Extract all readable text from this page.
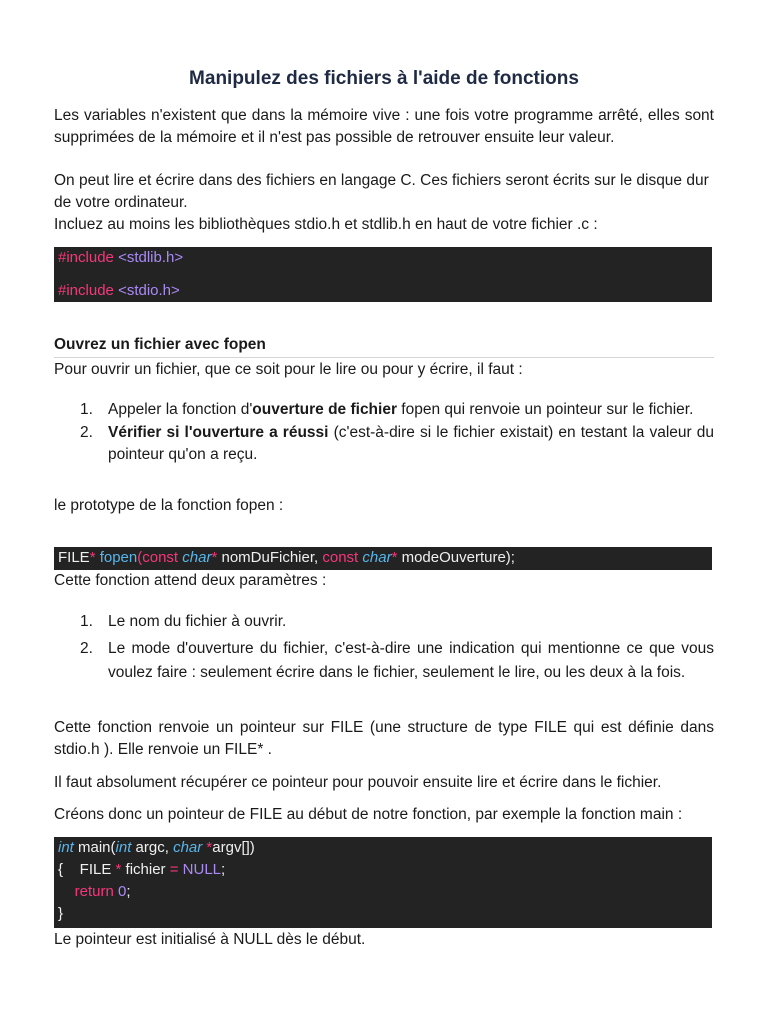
Manipulez des fichiers à l'aide de fonctions
Les variables n'existent que dans la mémoire vive : une fois votre programme arrêté, elles sont supprimées de la mémoire et il n'est pas possible de retrouver ensuite leur valeur.
On peut lire et écrire dans des fichiers en langage C. Ces fichiers seront écrits sur le disque dur de votre ordinateur.
Incluez au moins les bibliothèques stdio.h et stdlib.h en haut de votre fichier .c :
#include <stdlib.h>
#include <stdio.h>
Ouvrez un fichier avec fopen
Pour ouvrir un fichier, que ce soit pour le lire ou pour y écrire, il faut :
1. Appeler la fonction d'ouverture de fichier fopen qui renvoie un pointeur sur le fichier.
2. Vérifier si l'ouverture a réussi (c'est-à-dire si le fichier existait) en testant la valeur du pointeur qu'on a reçu.
le prototype de la fonction fopen :
FILE* fopen(const char* nomDuFichier, const char* modeOuverture);
Cette fonction attend deux paramètres :
1. Le nom du fichier à ouvrir.
2. Le mode d'ouverture du fichier, c'est-à-dire une indication qui mentionne ce que vous voulez faire : seulement écrire dans le fichier, seulement le lire, ou les deux à la fois.
Cette fonction renvoie un pointeur sur FILE (une structure de type FILE qui est définie dans stdio.h ). Elle renvoie un FILE* .
Il faut absolument récupérer ce pointeur pour pouvoir ensuite lire et écrire dans le fichier.
Créons donc un pointeur de FILE au début de notre fonction, par exemple la fonction main :
int main(int argc, char *argv[])
{    FILE * fichier = NULL;
return 0;
}
Le pointeur est initialisé à NULL dès le début.
